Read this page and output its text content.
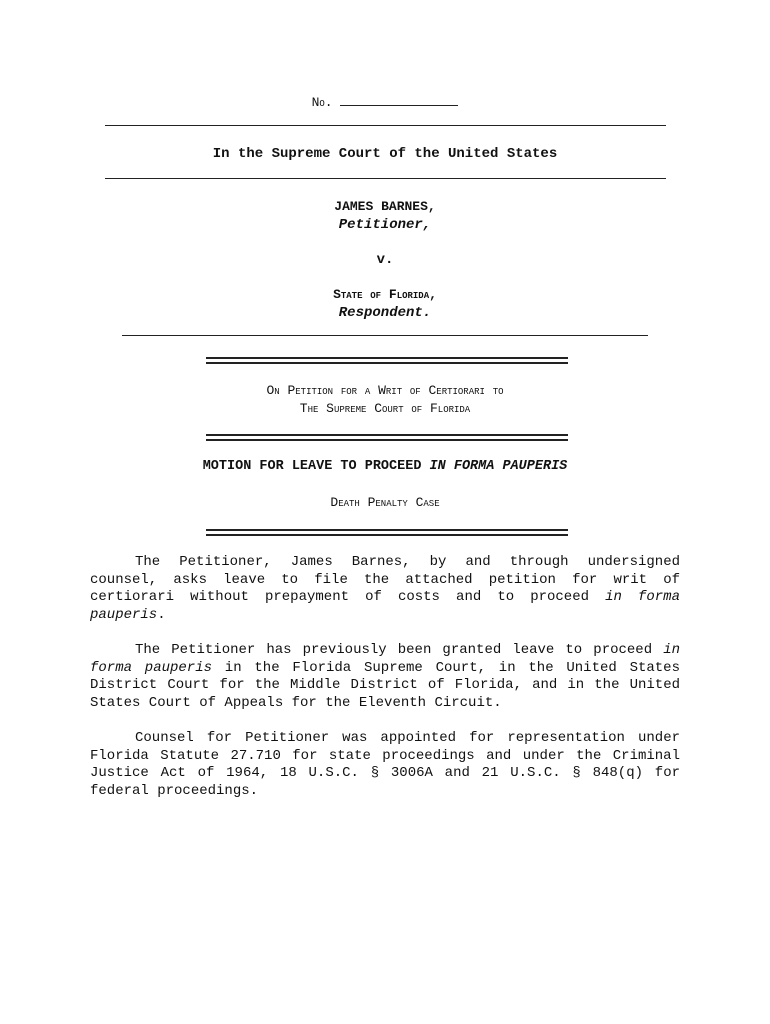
No.
In the Supreme Court of the United States
JAMES BARNES,
Petitioner,
v.
State of Florida,
Respondent.
On Petition for a Writ of Certiorari to
The Supreme Court of Florida
MOTION FOR LEAVE TO PROCEED IN FORMA PAUPERIS
Death Penalty Case

The Petitioner, James Barnes, by and through undersigned counsel, asks leave to file the attached petition for writ of certiorari without prepayment of costs and to proceed in forma pauperis.

The Petitioner has previously been granted leave to proceed in forma pauperis in the Florida Supreme Court, in the United States District Court for the Middle District of Florida, and in the United States Court of Appeals for the Eleventh Circuit.

Counsel for Petitioner was appointed for representation under Florida Statute 27.710 for state proceedings and under the Criminal Justice Act of 1964, 18 U.S.C. § 3006A and 21 U.S.C. § 848(q) for federal proceedings.
